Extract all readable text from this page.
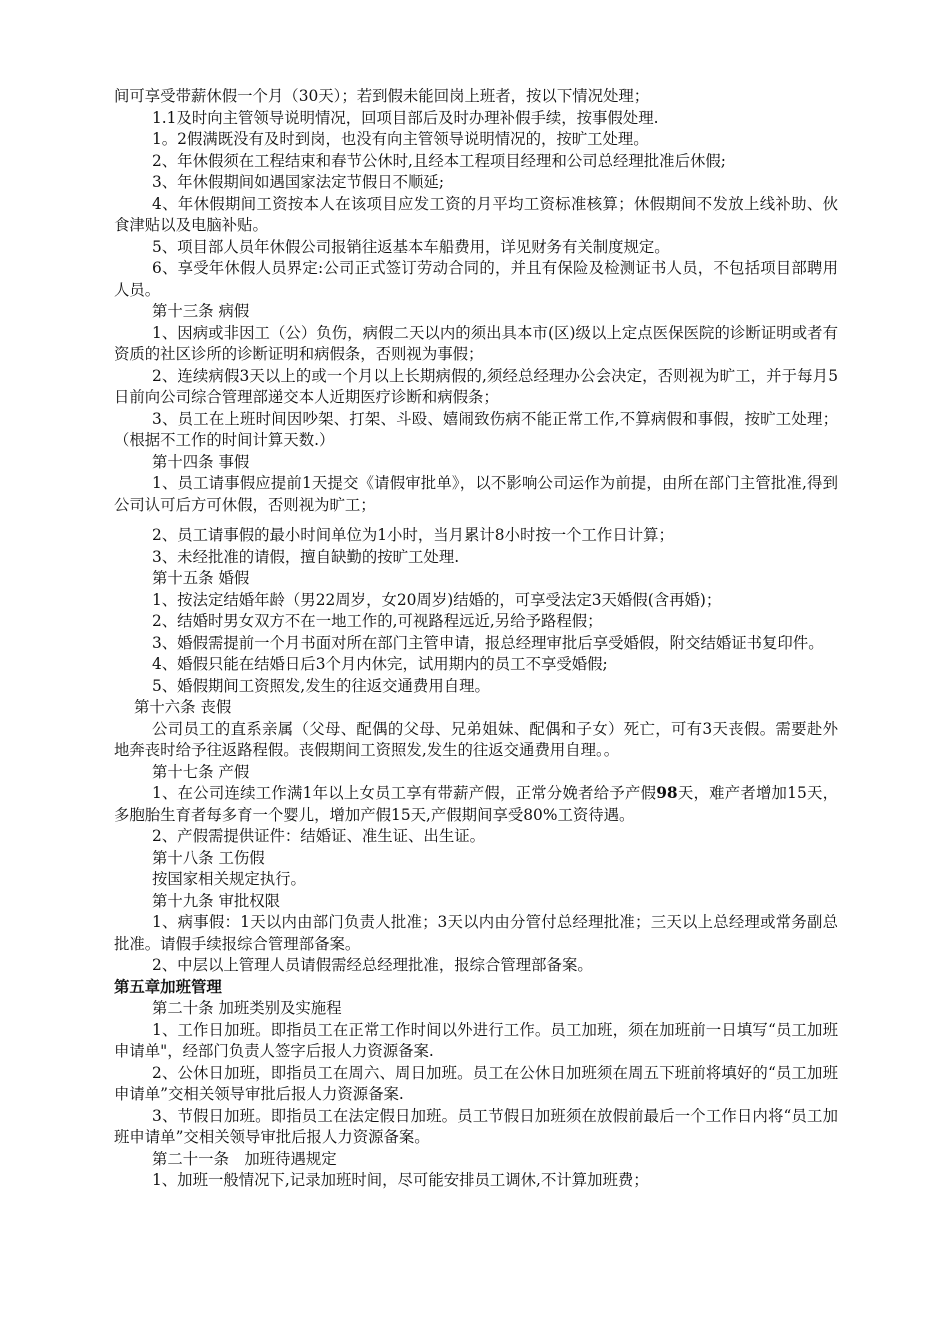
间可享受带薪休假一个月（30天）；若到假未能回岗上班者，按以下情况处理；

1.1及时向主管领导说明情况，回项目部后及时办理补假手续，按事假处理.

1。2假满既没有及时到岗，也没有向主管领导说明情况的，按旷工处理。

2、年休假须在工程结束和春节公休时,且经本工程项目经理和公司总经理批准后休假;

3、年休假期间如遇国家法定节假日不顺延;

4、年休假期间工资按本人在该项目应发工资的月平均工资标准核算；休假期间不发放上线补助、伙食津贴以及电脑补贴。

5、项目部人员年休假公司报销往返基本车船费用，详见财务有关制度规定。

6、享受年休假人员界定:公司正式签订劳动合同的，并且有保险及检测证书人员，不包括项目部聘用人员。

第十三条 病假

1、因病或非因工（公）负伤，病假二天以内的须出具本市(区)级以上定点医保医院的诊断证明或者有资质的社区诊所的诊断证明和病假条，否则视为事假；

2、连续病假3天以上的或一个月以上长期病假的,须经总经理办公会决定，否则视为旷工，并于每月5日前向公司综合管理部递交本人近期医疗诊断和病假条；

3、员工在上班时间因吵架、打架、斗殴、嬉闹致伤病不能正常工作,不算病假和事假，按旷工处理；（根据不工作的时间计算天数.）

第十四条 事假

1、员工请事假应提前1天提交《请假审批单》，以不影响公司运作为前提，由所在部门主管批准,得到公司认可后方可休假，否则视为旷工；

2、员工请事假的最小时间单位为1小时，当月累计8小时按一个工作日计算；

3、未经批准的请假，擅自缺勤的按旷工处理.

第十五条 婚假

1、按法定结婚年龄（男22周岁，女20周岁)结婚的，可享受法定3天婚假(含再婚)；

2、结婚时男女双方不在一地工作的,可视路程远近,另给予路程假；

3、婚假需提前一个月书面对所在部门主管申请，报总经理审批后享受婚假，附交结婚证书复印件。

4、婚假只能在结婚日后3个月内休完，试用期内的员工不享受婚假;

5、婚假期间工资照发,发生的往返交通费用自理。

第十六条 丧假

公司员工的直系亲属（父母、配偶的父母、兄弟姐妹、配偶和子女）死亡，可有3天丧假。需要赴外地奔丧时给予往返路程假。丧假期间工资照发,发生的往返交通费用自理。。

第十七条 产假

1、在公司连续工作满1年以上女员工享有带薪产假，正常分娩者给予产假98天，难产者增加15天，多胞胎生育者每多育一个婴儿，增加产假15天,产假期间享受80%工资待遇。

2、产假需提供证件：结婚证、准生证、出生证。

第十八条 工伤假

按国家相关规定执行。

第十九条 审批权限

1、病事假：1天以内由部门负责人批准；3天以内由分管付总经理批准；三天以上总经理或常务副总批准。请假手续报综合管理部备案。

2、中层以上管理人员请假需经总经理批准，报综合管理部备案。

第五章加班管理

第二十条 加班类别及实施程

1、工作日加班。即指员工在正常工作时间以外进行工作。员工加班，须在加班前一日填写“员工加班申请单"，经部门负责人签字后报人力资源备案.

2、公休日加班，即指员工在周六、周日加班。员工在公休日加班须在周五下班前将填好的“员工加班申请单”交相关领导审批后报人力资源备案.

3、节假日加班。即指员工在法定假日加班。员工节假日加班须在放假前最后一个工作日内将“员工加班申请单”交相关领导审批后报人力资源备案。

第二十一条　加班待遇规定

1、加班一般情况下,记录加班时间，尽可能安排员工调休,不计算加班费；
